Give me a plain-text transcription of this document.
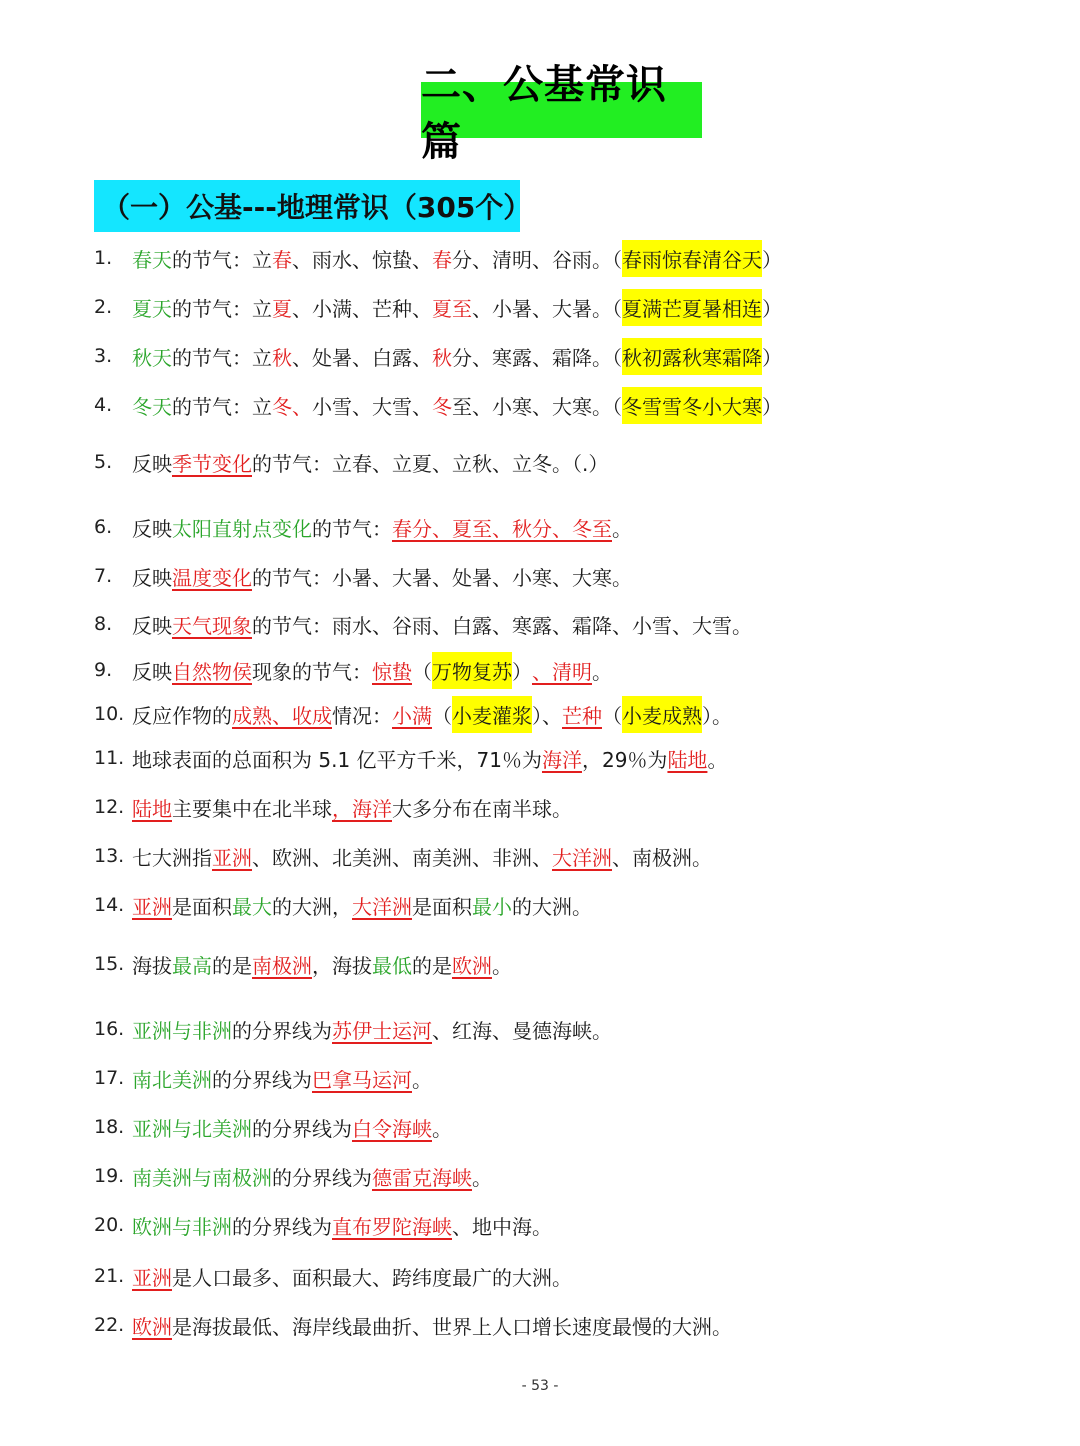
二、公基常识篇
（一）公基---地理常识（305个）
1. 春天 的节气：立 春 、雨水、惊蛰、 春 分、清明、谷雨。（ 春雨惊春清谷天 ）
2. 夏天 的节气：立 夏 、小满、芒种、 夏至 、小暑、大暑。（ 夏满芒夏暑相连 ）
3. 秋天 的节气：立 秋 、处暑、白露、 秋 分、寒露、霜降。（ 秋初露秋寒霜降 ）
4. 冬天 的节气：立 冬、 小雪、大雪、 冬 至、小寒、大寒。（ 冬雪雪冬小大寒 ）
5. 反映 季节变化 的节气：立春、立夏、立秋、立冬。（.）
6. 反映 太阳直射点变化 的节气： 春分、夏至、秋分、冬至 。
7. 反映 温度变化 的节气：小暑、大暑、处暑、小寒、大寒。
8. 反映 天气现象 的节气：雨水、谷雨、白露、寒露、霜降、小雪、大雪。
9. 反映 自然物侯 现象的节气： 惊蛰 （ 万物复苏 ） 、清明 。
10. 反应作物的 成熟、收成 情况： 小满 （ 小麦灌浆 ）、 芒种 （ 小麦成熟 ）。
11. 地球表面的总面积为 5.1 亿平方千米，71％为 海洋 ，29％为 陆地 。
12. 陆地 主要集中在北半球 ，海洋 大多分布在南半球。
13. 七大洲指 亚洲 、欧洲、北美洲、南美洲、非洲、 大洋洲 、南极洲。
14. 亚洲 是面积 最大 的大洲， 大洋洲 是面积 最小 的大洲。
15. 海拔 最高 的是 南极洲 ，海拔 最低 的是 欧洲 。
16. 亚洲与非洲 的分界线为 苏伊士运河 、红海、曼德海峡。
17. 南北美洲 的分界线为 巴拿马运河 。
18. 亚洲与北美洲 的分界线为 白令海峡 。
19. 南美洲与南极洲 的分界线为 德雷克海峡 。
20. 欧洲与非洲 的分界线为 直布罗陀海峡 、地中海。
21. 亚洲 是人口最多、面积最大、跨纬度最广的大洲。
22. 欧洲 是海拔最低、海岸线最曲折、世界上人口增长速度最慢的大洲。
- 53 -
